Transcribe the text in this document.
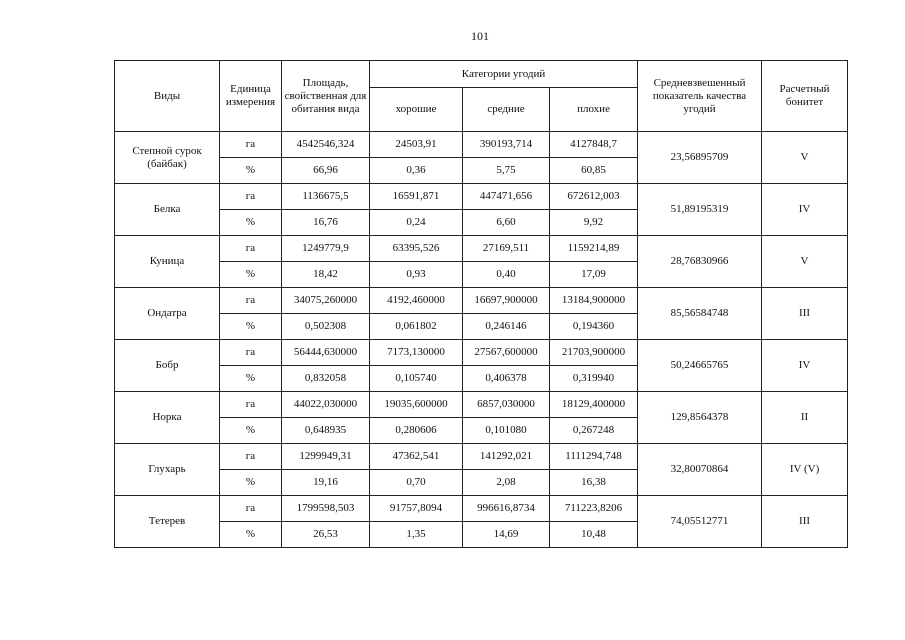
101
Виды	Единица измерения	Площадь, свойственная для обитания вида	Категории угодий			Средневзвешенный показатель качества угодий	Расчетный бонитет
			хорошие	средние	плохие		
Степной сурок (байбак)	га	4542546,324	24503,91	390193,714	4127848,7	23,56895709	V
	%	66,96	0,36	5,75	60,85		
Белка	га	1136675,5	16591,871	447471,656	672612,003	51,89195319	IV
	%	16,76	0,24	6,60	9,92		
Куница	га	1249779,9	63395,526	27169,511	1159214,89	28,76830966	V
	%	18,42	0,93	0,40	17,09		
Ондатра	га	34075,260000	4192,460000	16697,900000	13184,900000	85,56584748	III
	%	0,502308	0,061802	0,246146	0,194360		
Бобр	га	56444,630000	7173,130000	27567,600000	21703,900000	50,24665765	IV
	%	0,832058	0,105740	0,406378	0,319940		
Норка	га	44022,030000	19035,600000	6857,030000	18129,400000	129,8564378	II
	%	0,648935	0,280606	0,101080	0,267248		
Глухарь	га	1299949,31	47362,541	141292,021	1111294,748	32,80070864	IV (V)
	%	19,16	0,70	2,08	16,38		
Тетерев	га	1799598,503	91757,8094	996616,8734	711223,8206	74,05512771	III
	%	26,53	1,35	14,69	10,48		
